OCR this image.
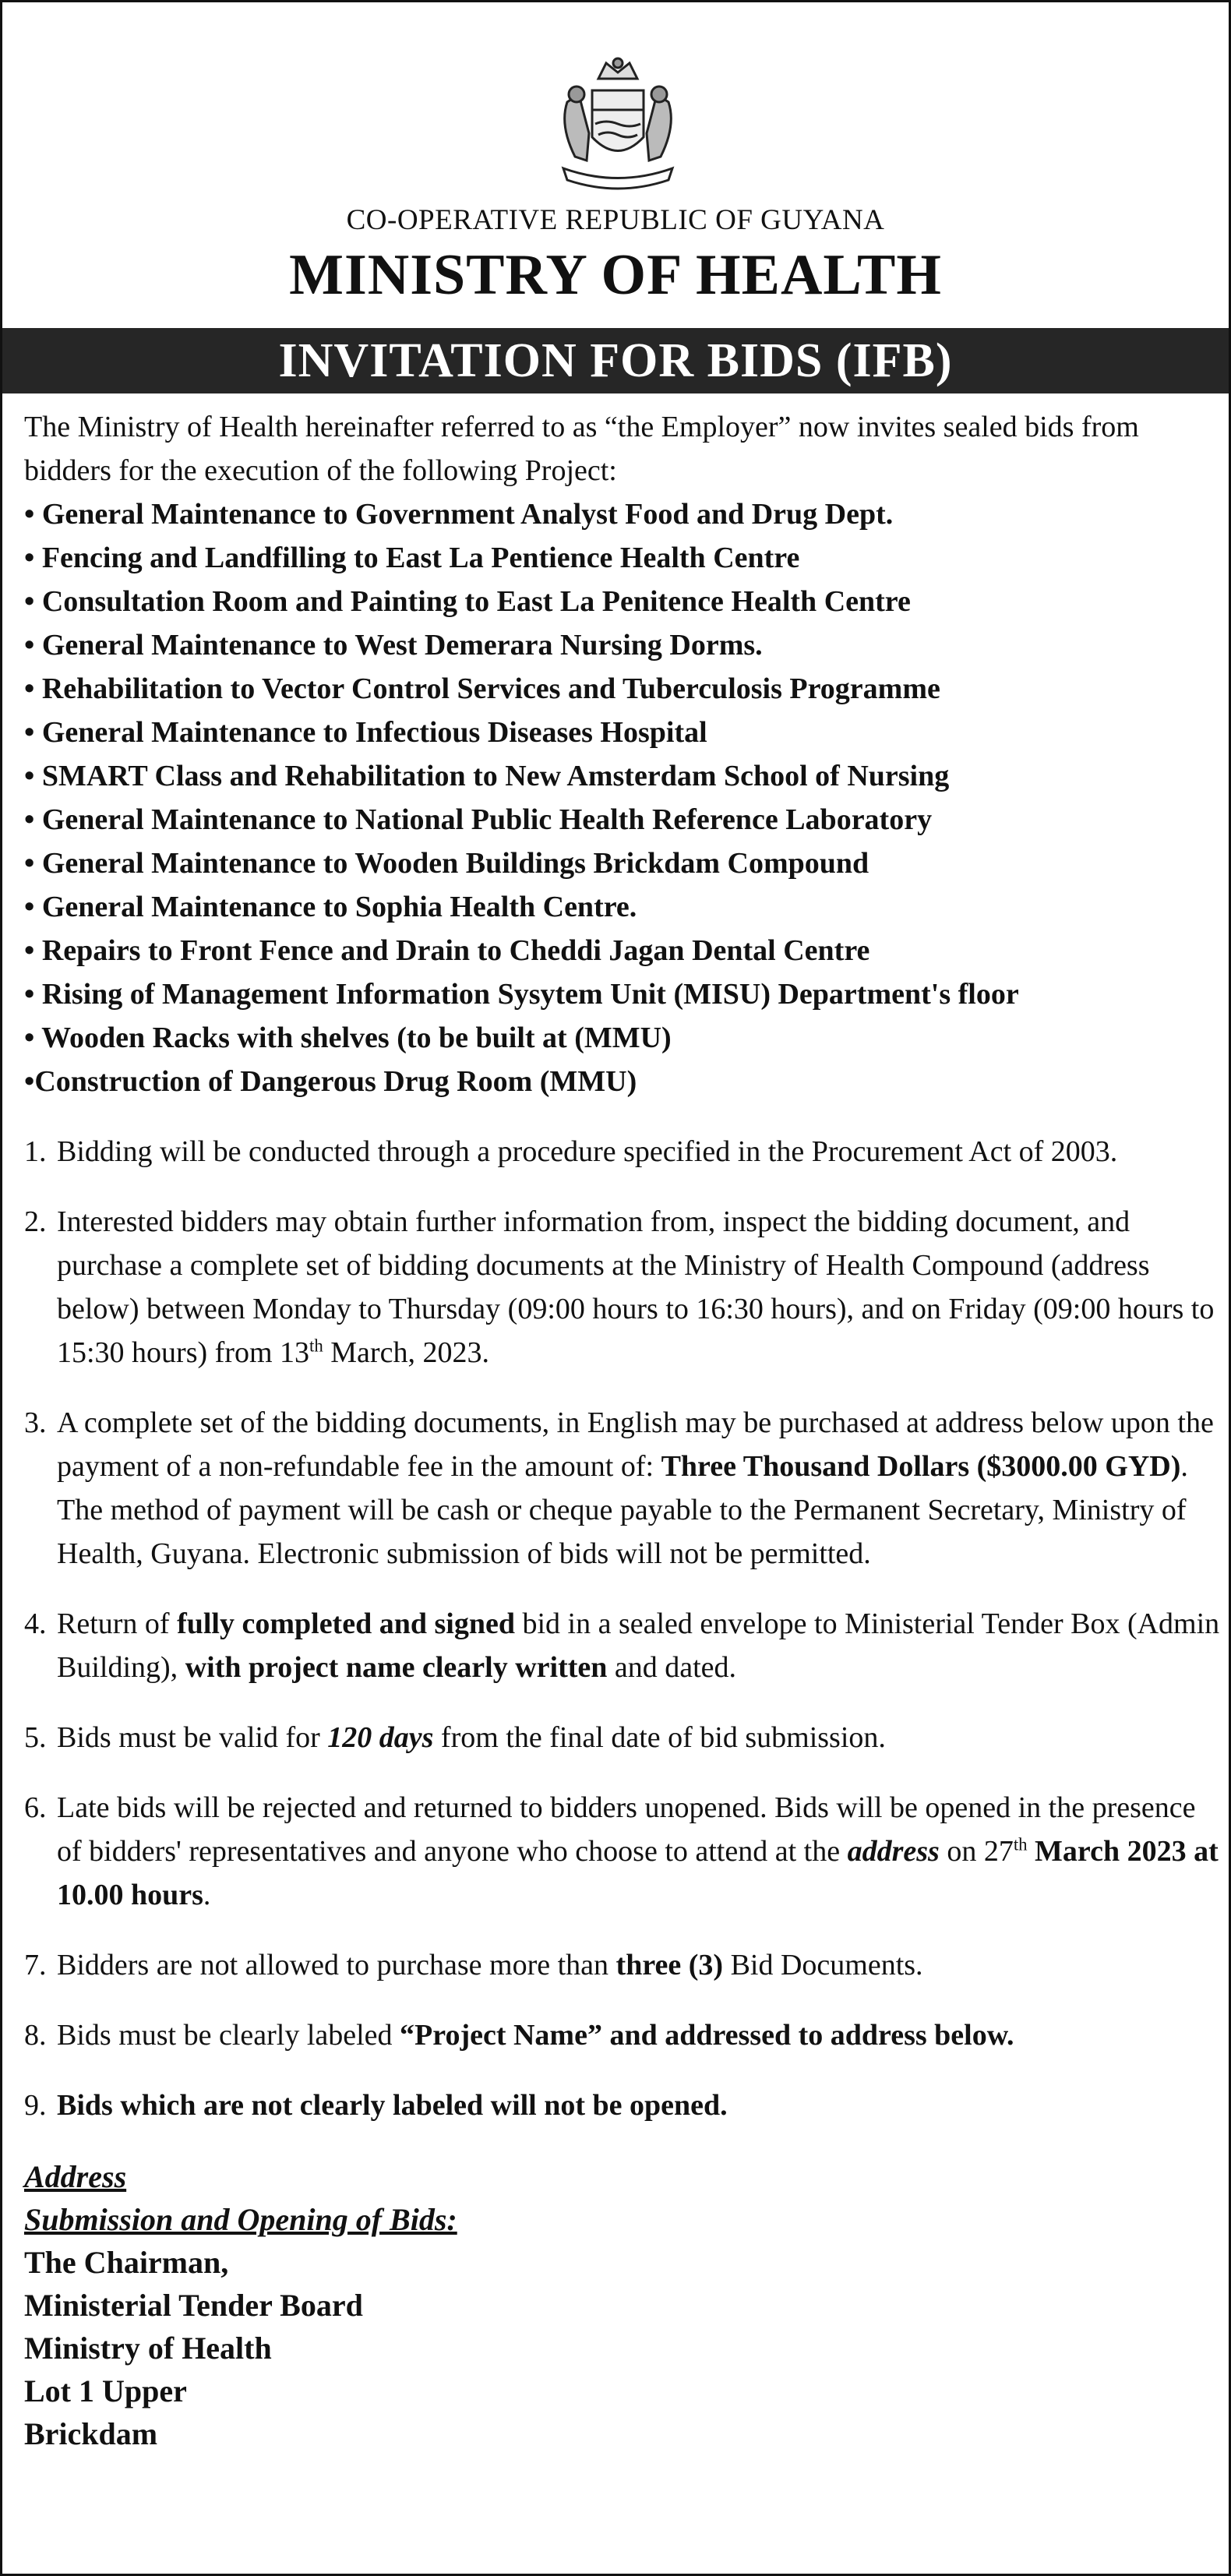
CO-OPERATIVE REPUBLIC OF GUYANA
MINISTRY OF HEALTH
INVITATION FOR BIDS (IFB)

The Ministry of Health hereinafter referred to as “the Employer” now invites sealed bids from bidders for the execution of the following Project:

• General Maintenance to Government Analyst Food and Drug Dept.
• Fencing and Landfilling to East La Pentience Health Centre
• Consultation Room and Painting to East La Penitence Health Centre
• General Maintenance to West Demerara Nursing Dorms.
• Rehabilitation to Vector Control Services and Tuberculosis Programme
• General Maintenance to Infectious Diseases Hospital
• SMART Class and Rehabilitation to New Amsterdam School of Nursing
• General Maintenance to National Public Health Reference Laboratory
• General Maintenance to Wooden Buildings Brickdam Compound
• General Maintenance to Sophia Health Centre.
• Repairs to Front Fence and Drain to Cheddi Jagan Dental Centre
• Rising of Management Information Sysytem Unit (MISU) Department's floor
• Wooden Racks with shelves (to be built at (MMU)
•Construction of Dangerous Drug Room (MMU)
1. Bidding will be conducted through a procedure specified in the Procurement Act of 2003.
2. Interested bidders may obtain further information from, inspect the bidding document, and purchase a complete set of bidding documents at the Ministry of Health Compound (address below) between Monday to Thursday (09:00 hours to 16:30 hours), and on Friday (09:00 hours to 15:30 hours) from 13th March, 2023.
3. A complete set of the bidding documents, in English may be purchased at address below upon the payment of a non-refundable fee in the amount of: Three Thousand Dollars ($3000.00 GYD). The method of payment will be cash or cheque payable to the Permanent Secretary, Ministry of Health, Guyana. Electronic submission of bids will not be permitted.
4. Return of fully completed and signed bid in a sealed envelope to Ministerial Tender Box (Admin Building), with project name clearly written and dated.
5. Bids must be valid for 120 days from the final date of bid submission.
6. Late bids will be rejected and returned to bidders unopened. Bids will be opened in the presence of bidders' representatives and anyone who choose to attend at the address on 27th March 2023 at 10.00 hours.
7. Bidders are not allowed to purchase more than three (3) Bid Documents.
8. Bids must be clearly labeled “Project Name” and addressed to address below.
9. Bids which are not clearly labeled will not be opened.
Address
Submission and Opening of Bids:
The Chairman,
Ministerial Tender Board
Ministry of Health
Lot 1 Upper
Brickdam
